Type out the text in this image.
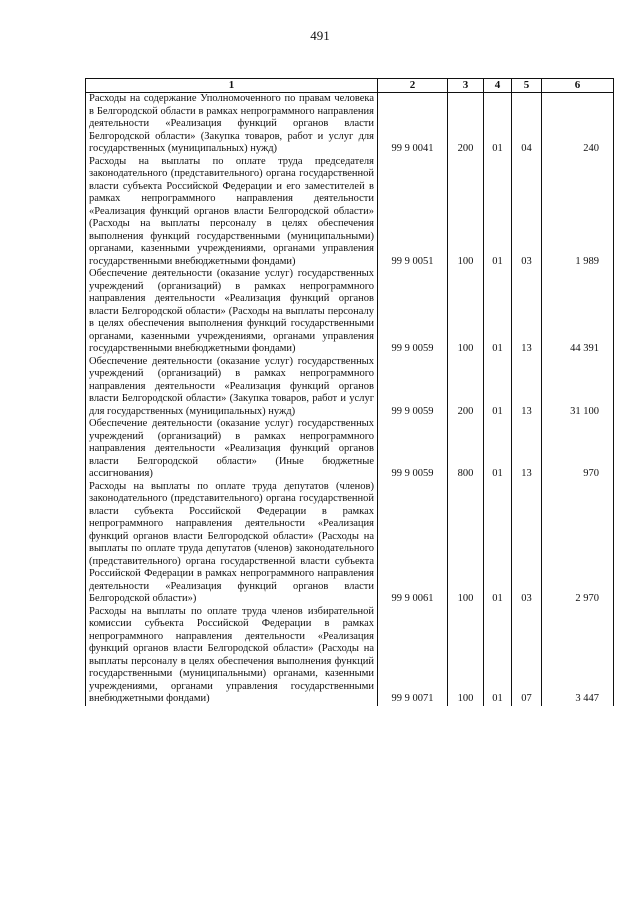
491
1	2	3	4	5	6
Расходы на содержание Уполномоченного по правам человека в Белгородской области в рамках непрограммного направления деятельности «Реализация функций органов власти Белгородской области» (Закупка товаров, работ и услуг для государственных (муниципальных) нужд)	99 9 0041	200	01	04	240
Расходы на выплаты по оплате труда председателя законодательного (представительного) органа государственной власти субъекта Российской Федерации и его заместителей в рамках непрограммного направления деятельности «Реализация функций органов власти Белгородской области» (Расходы на выплаты персоналу в целях обеспечения выполнения функций государственными (муниципальными) органами, казенными учреждениями, органами управления государственными внебюджетными фондами)	99 9 0051	100	01	03	1 989
Обеспечение деятельности (оказание услуг) государственных учреждений (организаций) в рамках непрограммного направления деятельности «Реализация функций органов власти Белгородской области» (Расходы на выплаты персоналу в целях обеспечения выполнения функций государственными органами, казенными учреждениями, органами управления государственными внебюджетными фондами)	99 9 0059	100	01	13	44 391
Обеспечение деятельности (оказание услуг) государственных учреждений (организаций) в рамках непрограммного направления деятельности «Реализация функций органов власти Белгородской области» (Закупка товаров, работ и услуг для государственных (муниципальных) нужд)	99 9 0059	200	01	13	31 100
Обеспечение деятельности (оказание услуг) государственных учреждений (организаций) в рамках непрограммного направления деятельности «Реализация функций органов власти Белгородской области» (Иные бюджетные ассигнования)	99 9 0059	800	01	13	970
Расходы на выплаты по оплате труда депутатов (членов) законодательного (представительного) органа государственной власти субъекта Российской Федерации в рамках непрограммного направления деятельности «Реализация функций органов власти Белгородской области» (Расходы на выплаты по оплате труда депутатов (членов) законодательного (представительного) органа государственной власти субъекта Российской Федерации в рамках непрограммного направления деятельности «Реализация функций органов власти Белгородской области»)	99 9 0061	100	01	03	2 970
Расходы на выплаты по оплате труда членов избирательной комиссии субъекта Российской Федерации в рамках непрограммного направления деятельности «Реализация функций органов власти Белгородской области» (Расходы на выплаты персоналу в целях обеспечения выполнения функций государственными (муниципальными) органами, казенными учреждениями, органами управления государственными внебюджетными фондами)	99 9 0071	100	01	07	3 447
